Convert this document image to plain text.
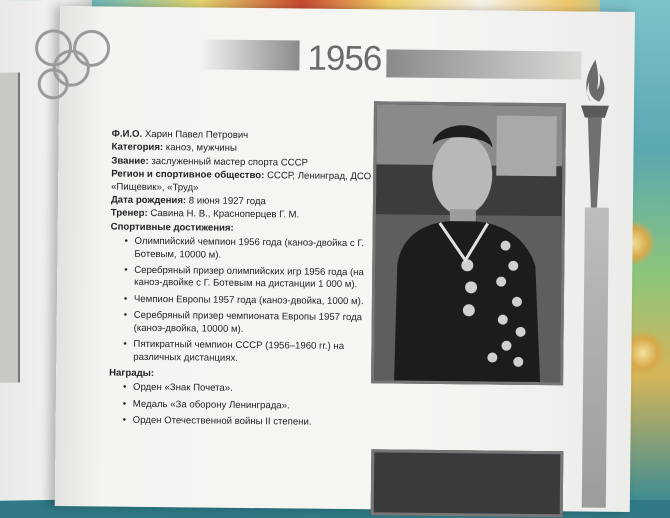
1956

Ф.И.О. Харин Павел Петрович

Категория: каноэ, мужчины

Звание: заслуженный мастер спорта СССР

Регион и спортивное общество: СССР, Ленинград, ДСО «Пищевик», «Труд»

Дата рождения: 8 июня 1927 года

Тренер: Савина Н. В., Красноперцев Г. М.

Спортивные достижения:

• Олимпийский чемпион 1956 года (каноэ-двойка с Г. Ботевым, 10000 м).
• Серебряный призер олимпийских игр 1956 года (на каноэ-двойке с Г. Ботевым на дистанции 1 000 м).
• Чемпион Европы 1957 года (каноэ-двойка, 1000 м).
• Серебряный призер чемпионата Европы 1957 года (каноэ-двойка, 10000 м).
• Пятикратный чемпион СССР (1956–1960 гг.) на различных дистанциях.

Награды:

• Орден «Знак Почета».
• Медаль «За оборону Ленинграда».
• Орден Отечественной войны II степени.
